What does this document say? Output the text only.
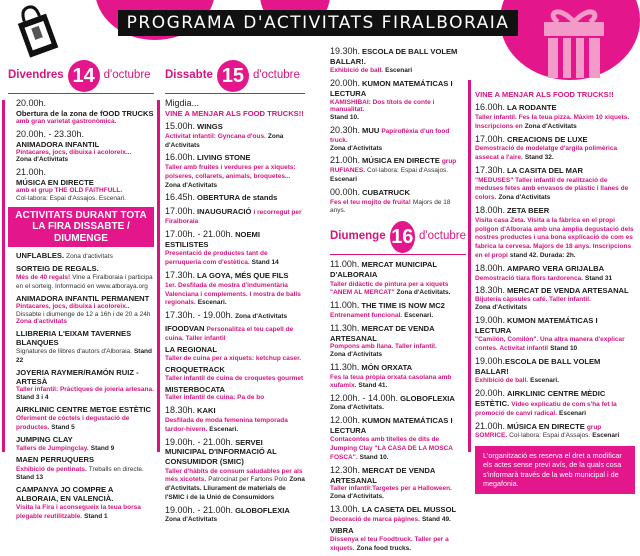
PROGRAMA D'ACTIVITATS FIRALBORAIA
Divendres 14 d'octubre
20.00h.
Obertura de la zona de fOOD TRUCKS
amb gran varietat gastronòmica.
20.00h. - 23.30h.
ANIMADORA INFANTIL
Pintacares, jocs, dibuixa i acoloreix...
Zona d'Activitats
21.00h.
MÚSICA EN DIRECTE
amb el grup THE OLD FAITHFULL.
Col·labora: Espai d'Assajos. Escenari.
ACTIVITATS DURANT TOTA LA FIRA DISSABTE / DIUMENGE
UNFLABLES. Zona d'activitats
SORTEIG DE REGALS.
Més de 40 regals! Vine a Firalboraia i participa en el sorteig. Informació en www.alboraya.org
ANIMADORA INFANTIL PERMANENT
Pintacares, jocs, dibuixa i acoloreix..
Dissabte i diumenge de 12 a 16h i de 20 a 24h
Zona d'activitats
LLIBRERIA L'EIXAM TAVERNES BLANQUES
Signatures de llibres d'autors d'Alboraia. Stand 22
JOYERIA RAYMER/RAMÓN RUIZ - ARTESÀ
Taller infantil: Pràctiques de joieria artesana.
Stand 3 i 4
AIRKLINIC CENTRE METGE ESTÈTIC
Oferiment de còctels i degustació de productes. Stand 5
JUMPING CLAY
Tallers de Jumpingclay. Stand 9
MAEN PERRUQUERS
Exhibició de pentinats. Treballs en directe. Stand 13
CAMPANYA JO COMPRE A ALBORAIA, EN VALENCIÀ.
Visita la Fira i aconsegueix la teua borsa plegable reutilitzable. Stand 1
Dissabte 15 d'octubre
Migdia...
VINE A MENJAR ALS FOOD TRUCKS!!
15.00h. WINGS
Activitat infantil: Gyncana d'ous. Zona d'Activitats
16.00h. LIVING STONE
Taller amb fruites i verdures per a xiquets: polseres, collarets, animals, broquetes... Zona d'Activitats
16.45h. OBERTURA de stands
17.00h. INAUGURACIÓ i recorregut per Firalboraia
17.00h. - 21.00h. NOEMI ESTILISTES
Presentació de productes tant de perruqueria com d'estètica. Stand 14
17.30h. LA GOYA, MÉS QUE FILS
1er. Desfilada de mostra d'indumentària Valenciana i complements. I mostra de balls regionals. Escenari.
17.30h. - 19.00h. Zona d'Activitats
IFOODVAN Personalitza el teu capell de cuina. Taller infantil
LA REGIONAL
Taller de cuina per a xiquets: ketchup caser.
CROQUETRACK
Taller infantil de cuina de croquetes gourmet
MISTERBOCATA
Taller infantil de cuina: Pa de bo
18.30h. KAKI
Desfilada de moda femenina temporada tardor-hivern. Escenari.
19.00h. - 21.00h. SERVEI MUNICIPAL D'INFORMACIÓ AL CONSUMIDOR (SMIC)
Taller d'hàbits de consum saludables per als més xicotets. Patrocinat per Fartons Polo Zona d'Activitats. Lliurament de materials de l'SMIC i de la Unió de Consumidors
19.00h. - 21.00h. GLOBOFLEXIA
Zona d'Activitats
19.30h. ESCOLA DE BALL VOLEM BALLAR!.
Exhibició de ball. Escenari
20.00h. KUMON MATEMÁTICAS I LECTURA
KAMISHIBAI: Dos títols de conte i manualitat.
Stand 10.
20.30h. MUU Papiroflèxia d'un food truck.
Zona d'Activitats
21.00h. MÚSICA EN DIRECTE grup RUFIANES. Col·labora: Espai d'Assajos. Escenari
00.00h. CUBATRUCK
Fes el teu mojito de fruita! Majors de 18 anys.
Diumenge 16 d'octubre
11.00h. MERCAT MUNICIPAL D'ALBORAIA
Taller didàctic de pintura per a xiquets "ANEM AL MERCAT" Zona d'Activitats.
11.00h. THE TIME IS NOW MC2
Entrenament funcional. Escenari.
11.30h. MERCAT DE VENDA ARTESANAL
Pompons amb llana. Taller infantil.
Zona d'Activitats
11.30h. MÓN ORXATA
Fes la teua pròpia orxata casolana amb xufamix. Stand 41.
12.00h. - 14.00h. GLOBOFLEXIA
Zona d'Activitats.
12.00h. KUMON MATEMÁTICAS I LECTURA
Contacontes amb titelles de dits de Jumping Clay "LA CASA DE LA MOSCA FOSCA". Stand 10.
12.30h. MERCAT DE VENDA ARTESANAL
Taller infantil:Targetes per a Halloween.
Zona d'Activitats.
13.00h. LA CASETA DEL MUSSOL
Decoració de marca pàgines. Stand 49.
VIBRA
Dissenya el teu Foodtruck. Taller per a xiquets. Zona food trucks.
VINE A MENJAR ALS FOOD TRUCKS!!
16.00h. LA RODANTE
Taller infantil. Fes la teua pizza. Màxim 10 xiquets. Inscripcions en Zona d'Activitats
17.00h. CREACIONS DE LUXE
Demostració de modelatge d'argila polimèrica assecat a l'aire. Stand 32.
17.30h. LA CASITA DEL MAR
"MEDUSES" Taller infantil de realització de meduses fetes amb envasos de plàstic i llanes de colors. Zona d'Activitats
18.00h. ZETA BEER
Visita casa Zeta. Visita a la fàbrica en el propi polígon d'Alboraia amb una àmplia degustació dels nostres productes i una bona explicació de com es fabrica la cervesa. Majors de 18 anys. Inscripcions en el propi stand 42. Durada: 2h.
18.00h. AMPARO VERA GRIJALBA
Demostració tiara flors tardorenca. Stand 31
18.30h. MERCAT DE VENDA ARTESANAL
Bijuteria càpsules café. Taller infantil.
Zona d'Activitats
19.00h. KUMON MATEMÁTICAS I LECTURA
"Camilón, Comilón". Una altra manera d'explicar contes. Activitat infantil Stand 10
19.00h.ESCOLA DE BALL VOLEM BALLAR!
Exhibició de ball. Escenari.
20.00h. AIRKLINIC CENTRE MÈDIC ESTÈTIC. Vídeo explicatiu de com s'ha fet la promoció de canvi radical. Escenari
21.00h. MÚSICA EN DIRECTE grup SOMRICE. Col·labora: Espai d'Assajos. Escenari
L'organització es reserva el dret a modificar els actes sense previ avís, de la quals cosa s'informarà través de la web municipal i de megafonia.
